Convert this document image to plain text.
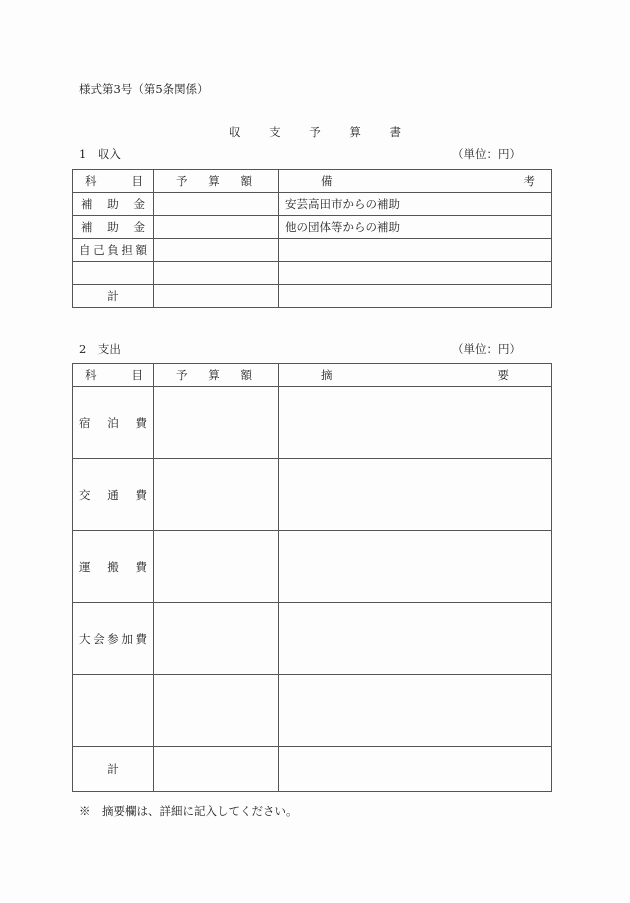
様式第3号（第5条関係）
収 支 予 算 書
1　収入	（単位：円）
科 目	予 算 額	備 考

補 助 金		安芸高田市からの補助

補 助 金		他の団体等からの補助

自 己 負 担 額		

計		
2　支出	（単位：円）
科 目	予 算 額	摘 要

宿 泊 費		

交 通 費		

運 搬 費		

大 会 参 加 費		

計		
※　摘要欄は、詳細に記入してください。
